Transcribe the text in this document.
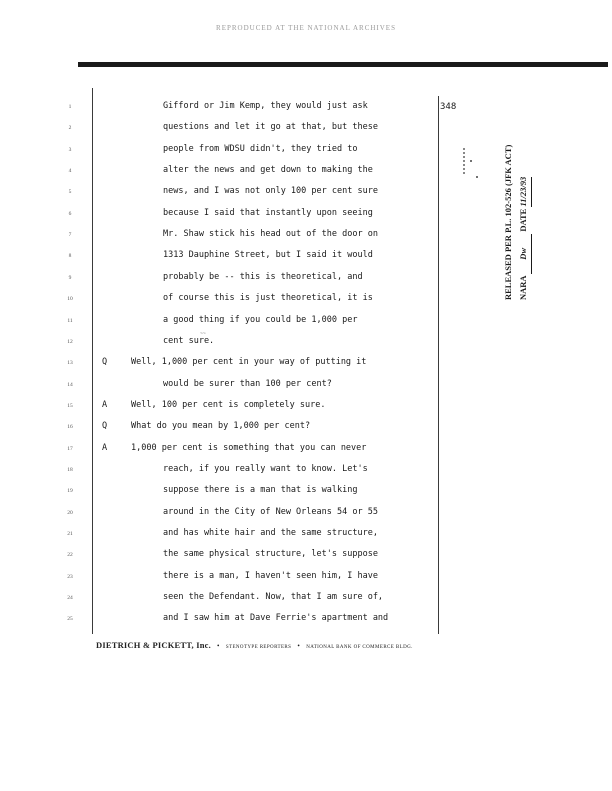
REPRODUCED AT THE NATIONAL ARCHIVES
348
1	Gifford or Jim Kemp, they would just ask
2	questions and let it go at that, but these
3	people from WDSU didn't, they tried to
4	alter the news and get down to making the
5	news, and I was not only 100 per cent sure
6	because I said that instantly upon seeing
7	Mr. Shaw stick his head out of the door on
8	1313 Dauphine Street, but I said it would
9	probably be -- this is theoretical, and
10	of course this is just theoretical, it is
11	a good thing if you could be 1,000 per
12	cent sure.
13	Q	Well, 1,000 per cent in your way of putting it
14	would be surer than 100 per cent?
15	A	Well, 100 per cent is completely sure.
16	Q	What do you mean by 1,000 per cent?
17	A	1,000 per cent is something that you can never
18	reach, if you really want to know. Let's
19	suppose there is a man that is walking
20	around in the City of New Orleans 54 or 55
21	and has white hair and the same structure,
22	the same physical structure, let's suppose
23	there is a man, I haven't seen him, I have
24	seen the Defendant. Now, that I am sure of,
25	and I saw him at Dave Ferrie's apartment and
~~
DIETRICH & PICKETT, Inc. • STENOTYPE REPORTERS • NATIONAL BANK OF COMMERCE BLDG.
RELEASED PER P.L. 102-526 (JFK ACT) NARA Dw DATE 11/23/93
